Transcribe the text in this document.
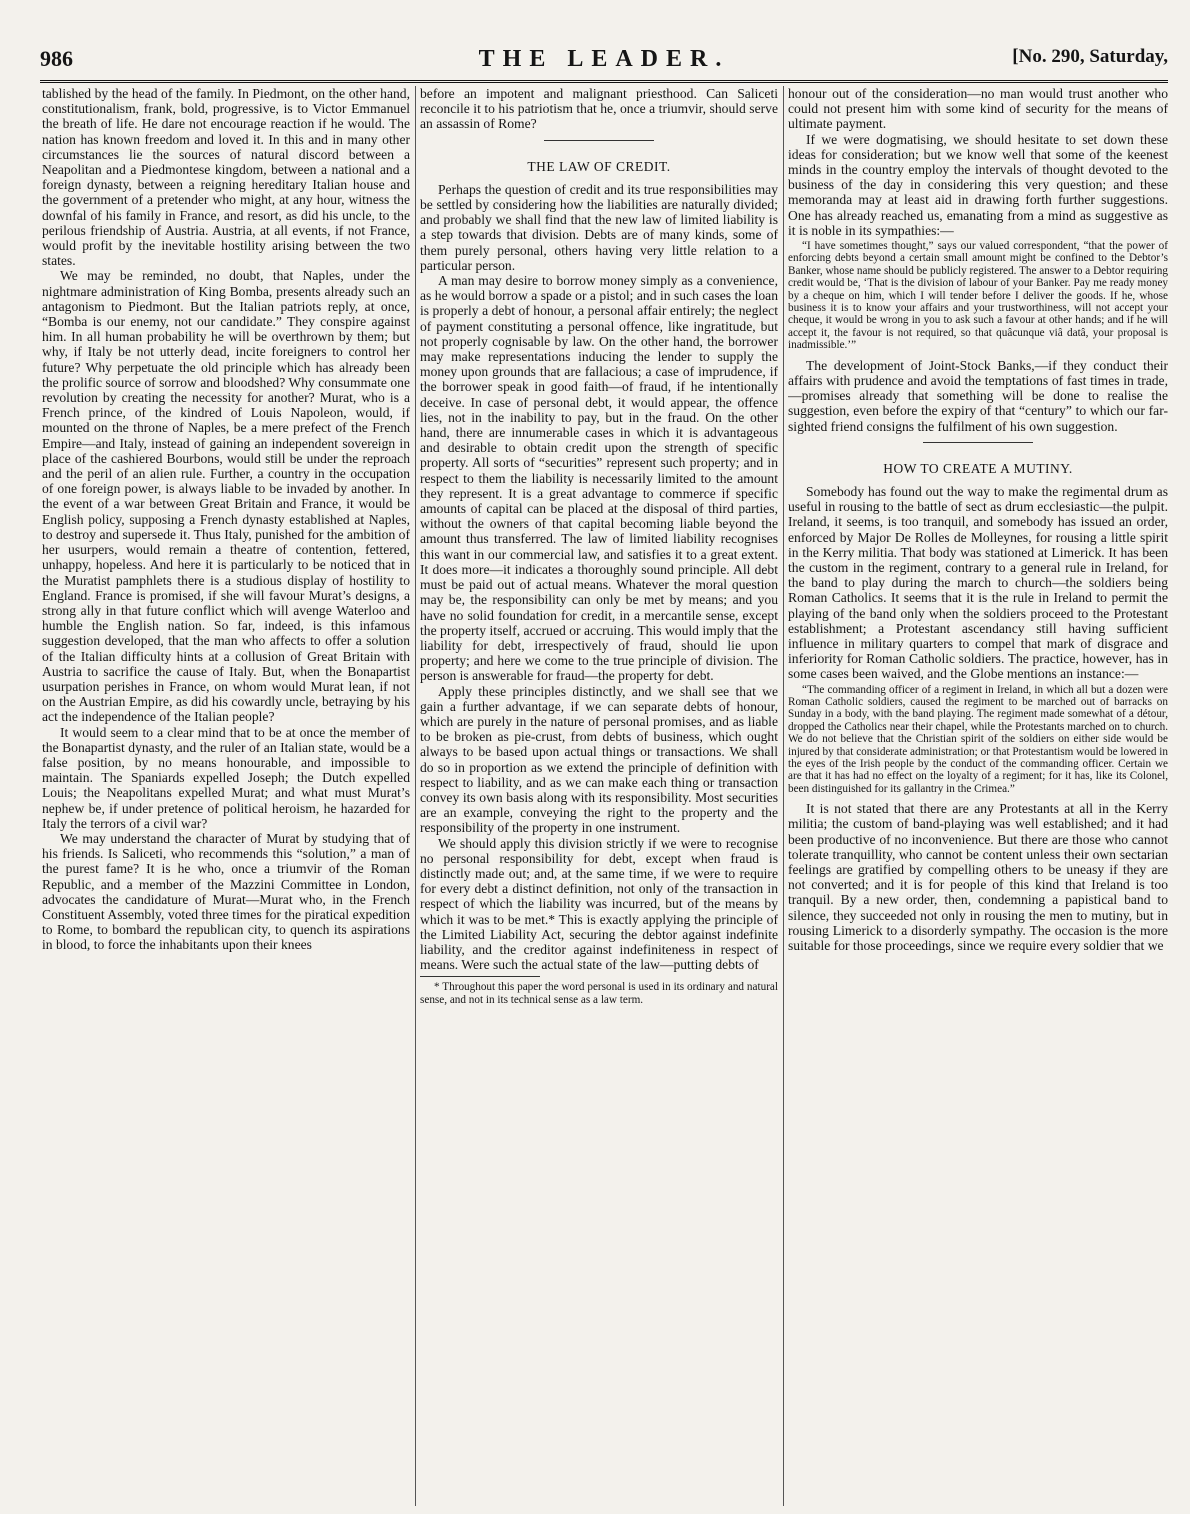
986	THE LEADER.	[No. 290, Saturday,

tablished by the head of the family. In Piedmont, on the other hand, constitutionalism, frank, bold, progressive, is to Victor Emmanuel the breath of life. He dare not encourage reaction if he would. The nation has known freedom and loved it. In this and in many other circumstances lie the sources of natural discord between a Neapolitan and a Piedmontese kingdom, between a national and a foreign dynasty, between a reigning hereditary Italian house and the government of a pretender who might, at any hour, witness the downfal of his family in France, and resort, as did his uncle, to the perilous friendship of Austria. Austria, at all events, if not France, would profit by the inevitable hostility arising between the two states.

We may be reminded, no doubt, that Naples, under the nightmare administration of King Bomba, presents already such an antagonism to Piedmont. But the Italian patriots reply, at once, “Bomba is our enemy, not our candidate.” They conspire against him. In all human probability he will be overthrown by them; but why, if Italy be not utterly dead, incite foreigners to control her future? Why perpetuate the old principle which has already been the prolific source of sorrow and bloodshed? Why consummate one revolution by creating the necessity for another? Murat, who is a French prince, of the kindred of Louis Napoleon, would, if mounted on the throne of Naples, be a mere prefect of the French Empire—and Italy, instead of gaining an independent sovereign in place of the cashiered Bourbons, would still be under the reproach and the peril of an alien rule. Further, a country in the occupation of one foreign power, is always liable to be invaded by another. In the event of a war between Great Britain and France, it would be English policy, supposing a French dynasty established at Naples, to destroy and supersede it. Thus Italy, punished for the ambition of her usurpers, would remain a theatre of contention, fettered, unhappy, hopeless. And here it is particularly to be noticed that in the Muratist pamphlets there is a studious display of hostility to England. France is promised, if she will favour Murat’s designs, a strong ally in that future conflict which will avenge Waterloo and humble the English nation. So far, indeed, is this infamous suggestion developed, that the man who affects to offer a solution of the Italian difficulty hints at a collusion of Great Britain with Austria to sacrifice the cause of Italy. But, when the Bonapartist usurpation perishes in France, on whom would Murat lean, if not on the Austrian Empire, as did his cowardly uncle, betraying by his act the independence of the Italian people?

It would seem to a clear mind that to be at once the member of the Bonapartist dynasty, and the ruler of an Italian state, would be a false position, by no means honourable, and impossible to maintain. The Spaniards expelled Joseph; the Dutch expelled Louis; the Neapolitans expelled Murat; and what must Murat’s nephew be, if under pretence of political heroism, he hazarded for Italy the terrors of a civil war?

We may understand the character of Murat by studying that of his friends. Is Saliceti, who recommends this “solution,” a man of the purest fame? It is he who, once a triumvir of the Roman Republic, and a member of the Mazzini Committee in London, advocates the candidature of Murat—Murat who, in the French Constituent Assembly, voted three times for the piratical expedition to Rome, to bombard the republican city, to quench its aspirations in blood, to force the inhabitants upon their knees

before an impotent and malignant priesthood. Can Saliceti reconcile it to his patriotism that he, once a triumvir, should serve an assassin of Rome?

THE LAW OF CREDIT.

Perhaps the question of credit and its true responsibilities may be settled by considering how the liabilities are naturally divided; and probably we shall find that the new law of limited liability is a step towards that division. Debts are of many kinds, some of them purely personal, others having very little relation to a particular person.

A man may desire to borrow money simply as a convenience, as he would borrow a spade or a pistol; and in such cases the loan is properly a debt of honour, a personal affair entirely; the neglect of payment constituting a personal offence, like ingratitude, but not properly cognisable by law. On the other hand, the borrower may make representations inducing the lender to supply the money upon grounds that are fallacious; a case of imprudence, if the borrower speak in good faith—of fraud, if he intentionally deceive. In case of personal debt, it would appear, the offence lies, not in the inability to pay, but in the fraud. On the other hand, there are innumerable cases in which it is advantageous and desirable to obtain credit upon the strength of specific property. All sorts of “securities” represent such property; and in respect to them the liability is necessarily limited to the amount they represent. It is a great advantage to commerce if specific amounts of capital can be placed at the disposal of third parties, without the owners of that capital becoming liable beyond the amount thus transferred. The law of limited liability recognises this want in our commercial law, and satisfies it to a great extent. It does more—it indicates a thoroughly sound principle. All debt must be paid out of actual means. Whatever the moral question may be, the responsibility can only be met by means; and you have no solid foundation for credit, in a mercantile sense, except the property itself, accrued or accruing. This would imply that the liability for debt, irrespectively of fraud, should lie upon property; and here we come to the true principle of division. The person is answerable for fraud—the property for debt.

Apply these principles distinctly, and we shall see that we gain a further advantage, if we can separate debts of honour, which are purely in the nature of personal promises, and as liable to be broken as pie-crust, from debts of business, which ought always to be based upon actual things or transactions. We shall do so in proportion as we extend the principle of definition with respect to liability, and as we can make each thing or transaction convey its own basis along with its responsibility. Most securities are an example, conveying the right to the property and the responsibility of the property in one instrument.

We should apply this division strictly if we were to recognise no personal responsibility for debt, except when fraud is distinctly made out; and, at the same time, if we were to require for every debt a distinct definition, not only of the transaction in respect of which the liability was incurred, but of the means by which it was to be met.* This is exactly applying the principle of the Limited Liability Act, securing the debtor against indefinite liability, and the creditor against indefiniteness in respect of means. Were such the actual state of the law—putting debts of

* Throughout this paper the word personal is used in its ordinary and natural sense, and not in its technical sense as a law term.

honour out of the consideration—no man would trust another who could not present him with some kind of security for the means of ultimate payment.

If we were dogmatising, we should hesitate to set down these ideas for consideration; but we know well that some of the keenest minds in the country employ the intervals of thought devoted to the business of the day in considering this very question; and these memoranda may at least aid in drawing forth further suggestions. One has already reached us, emanating from a mind as suggestive as it is noble in its sympathies:—

“I have sometimes thought,” says our valued correspondent, “that the power of enforcing debts beyond a certain small amount might be confined to the Debtor’s Banker, whose name should be publicly registered. The answer to a Debtor requiring credit would be, ‘That is the division of labour of your Banker. Pay me ready money by a cheque on him, which I will tender before I deliver the goods. If he, whose business it is to know your affairs and your trustworthiness, will not accept your cheque, it would be wrong in you to ask such a favour at other hands; and if he will accept it, the favour is not required, so that quâcunque viâ datâ, your proposal is inadmissible.’”

The development of Joint-Stock Banks,—if they conduct their affairs with prudence and avoid the temptations of fast times in trade,—promises already that something will be done to realise the suggestion, even before the expiry of that “century” to which our far-sighted friend consigns the fulfilment of his own suggestion.

HOW TO CREATE A MUTINY.

Somebody has found out the way to make the regimental drum as useful in rousing to the battle of sect as drum ecclesiastic—the pulpit. Ireland, it seems, is too tranquil, and somebody has issued an order, enforced by Major De Rolles de Molleynes, for rousing a little spirit in the Kerry militia. That body was stationed at Limerick. It has been the custom in the regiment, contrary to a general rule in Ireland, for the band to play during the march to church—the soldiers being Roman Catholics. It seems that it is the rule in Ireland to permit the playing of the band only when the soldiers proceed to the Protestant establishment; a Protestant ascendancy still having sufficient influence in military quarters to compel that mark of disgrace and inferiority for Roman Catholic soldiers. The practice, however, has in some cases been waived, and the Globe mentions an instance:—

“The commanding officer of a regiment in Ireland, in which all but a dozen were Roman Catholic soldiers, caused the regiment to be marched out of barracks on Sunday in a body, with the band playing. The regiment made somewhat of a détour, dropped the Catholics near their chapel, while the Protestants marched on to church. We do not believe that the Christian spirit of the soldiers on either side would be injured by that considerate administration; or that Protestantism would be lowered in the eyes of the Irish people by the conduct of the commanding officer. Certain we are that it has had no effect on the loyalty of a regiment; for it has, like its Colonel, been distinguished for its gallantry in the Crimea.”

It is not stated that there are any Protestants at all in the Kerry militia; the custom of band-playing was well established; and it had been productive of no inconvenience. But there are those who cannot tolerate tranquillity, who cannot be content unless their own sectarian feelings are gratified by compelling others to be uneasy if they are not converted; and it is for people of this kind that Ireland is too tranquil. By a new order, then, condemning a papistical band to silence, they succeeded not only in rousing the men to mutiny, but in rousing Limerick to a disorderly sympathy. The occasion is the more suitable for those proceedings, since we require every soldier that we
